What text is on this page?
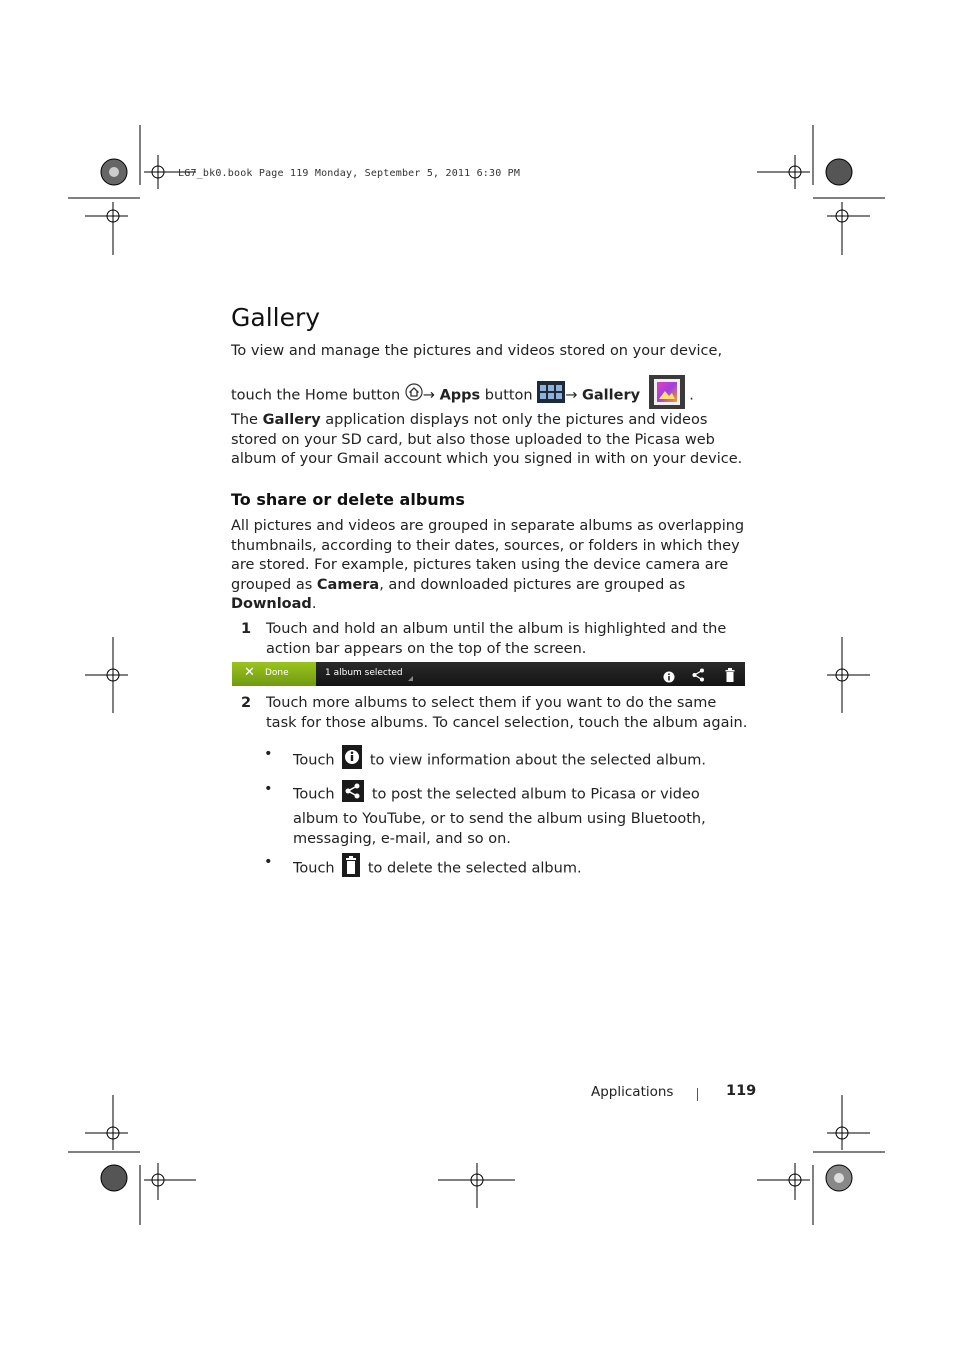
LG7_bk0.book Page 119 Monday, September 5, 2011 6:30 PM
Gallery
To view and manage the pictures and videos stored on your device,
touch the Home button → Apps button → Gallery	.
The Gallery application displays not only the pictures and videos stored on your SD card, but also those uploaded to the Picasa web album of your Gmail account which you signed in with on your device.
To share or delete albums
All pictures and videos are grouped in separate albums as overlapping thumbnails, according to their dates, sources, or folders in which they are stored. For example, pictures taken using the device camera are grouped as Camera, and downloaded pictures are grouped as Download.
1 Touch and hold an album until the album is highlighted and the action bar appears on the top of the screen.
✕ Done	1 album selected
2 Touch more albums to select them if you want to do the same task for those albums. To cancel selection, touch the album again.
• Touch to view information about the selected album.
• Touch	to post the selected album to Picasa or video album to YouTube, or to send the album using Bluetooth, messaging, e-mail, and so on.
• Touch to delete the selected album.
Applications	119
